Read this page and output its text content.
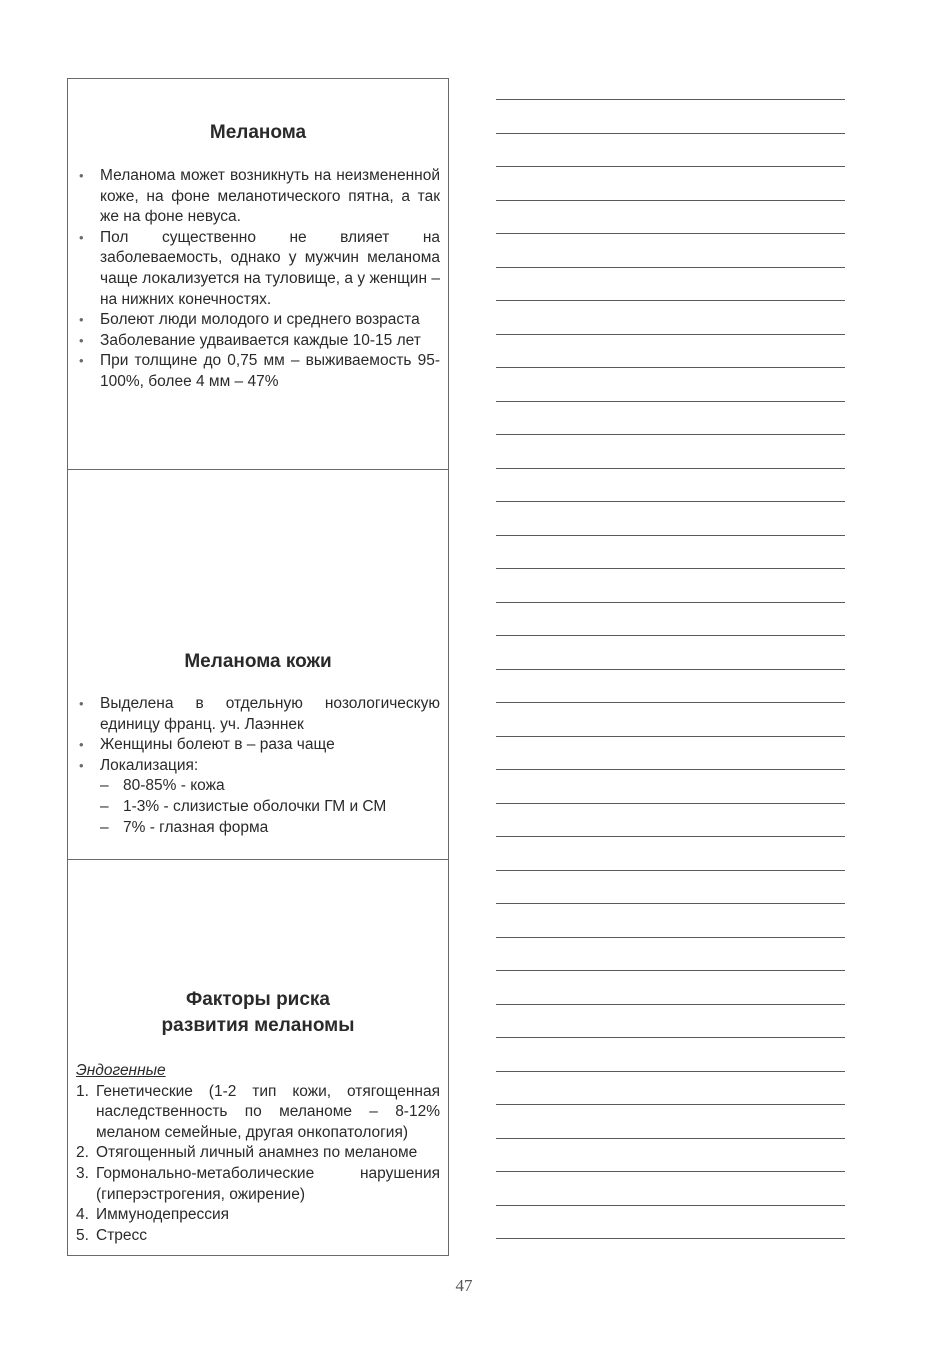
Меланома
• Меланома может возникнуть на неизмененной коже, на фоне меланотического пятна, а так же на фоне невуса.
• Пол существенно не влияет на заболеваемость, однако у мужчин меланома чаще локализуется на туловище, а у женщин – на нижних конечностях.
• Болеют люди молодого и среднего возраста
• Заболевание удваивается каждые 10-15 лет
• При толщине до 0,75 мм – выживаемость 95-100%, более 4 мм – 47%
Меланома кожи
• Выделена в отдельную нозологическую единицу франц. уч. Лаэннек
• Женщины болеют в – раза чаще
• Локализация:
– 80-85% - кожа
– 1-3% - слизистые оболочки ГМ и СМ
– 7% - глазная форма
Факторы риска
развития меланомы
Эндогенные
1. Генетические (1-2 тип кожи, отягощенная наследственность по меланоме – 8-12% меланом семейные, другая онкопатология)
2. Отягощенный личный анамнез по меланоме
3. Гормонально-метаболические нарушения (гиперэстрогения, ожирение)
4. Иммунодепрессия
5. Стресс
47
